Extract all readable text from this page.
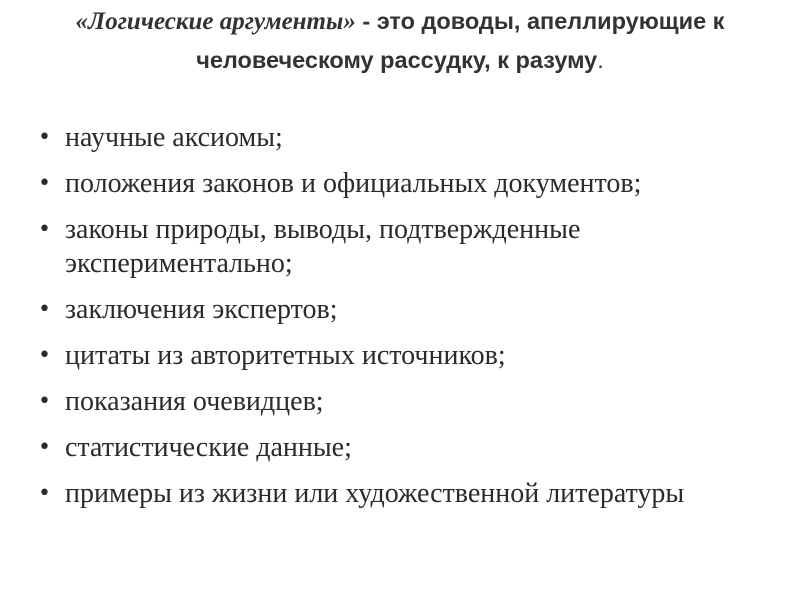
«Логические аргументы» - это доводы, апеллирующие к человеческому рассудку, к разуму.
• научные аксиомы;
• положения законов и официальных документов;
• законы природы, выводы, подтвержденные экспериментально;
• заключения экспертов;
• цитаты из авторитетных источников;
• показания очевидцев;
• статистические данные;
• примеры из жизни или художественной литературы
